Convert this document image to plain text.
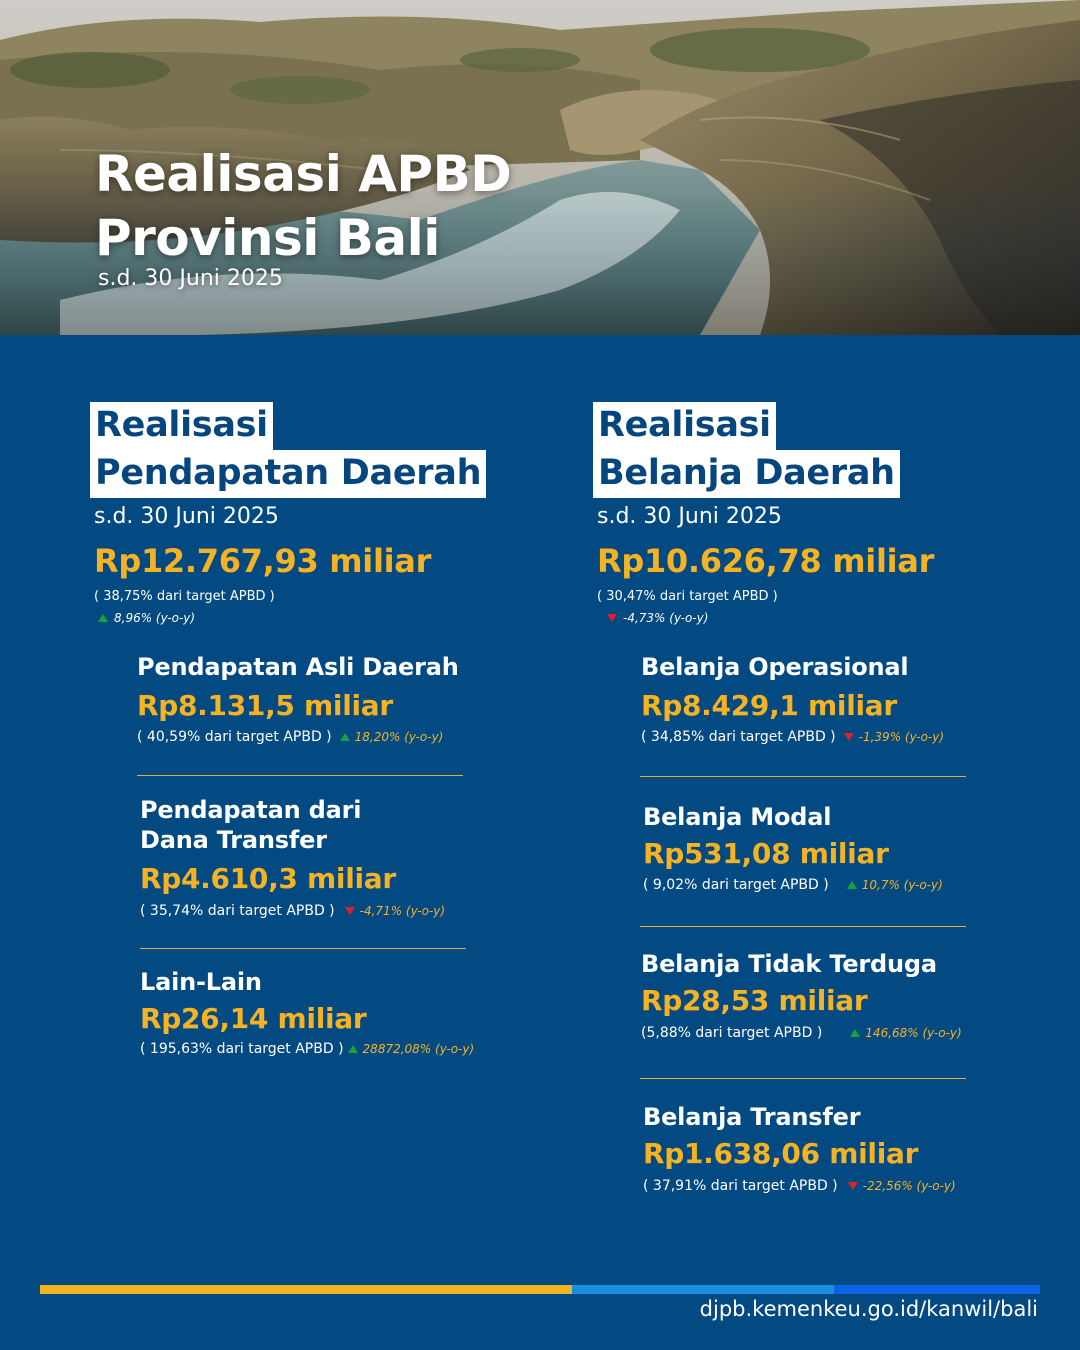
Realisasi APBD
Provinsi Bali
s.d. 30 Juni 2025
Realisasi
Pendapatan Daerah
s.d. 30 Juni 2025
Rp12.767,93 miliar
( 38,75% dari target APBD )
8,96% (y-o-y)
Pendapatan Asli Daerah
Rp8.131,5 miliar
( 40,59% dari target APBD ) 18,20% (y-o-y)
Pendapatan dari
Dana Transfer
Rp4.610,3 miliar
( 35,74% dari target APBD ) -4,71% (y-o-y)
Lain-Lain
Rp26,14 miliar
( 195,63% dari target APBD ) 28872,08% (y-o-y)
Realisasi
Belanja Daerah
s.d. 30 Juni 2025
Rp10.626,78 miliar
( 30,47% dari target APBD )
-4,73% (y-o-y)
Belanja Operasional
Rp8.429,1 miliar
( 34,85% dari target APBD ) -1,39% (y-o-y)
Belanja Modal
Rp531,08 miliar
( 9,02% dari target APBD )	10,7% (y-o-y)
Belanja Tidak Terduga
Rp28,53 miliar
(5,88% dari target APBD )	146,68% (y-o-y)
Belanja Transfer
Rp1.638,06 miliar
( 37,91% dari target APBD ) -22,56% (y-o-y)
djpb.kemenkeu.go.id/kanwil/bali
